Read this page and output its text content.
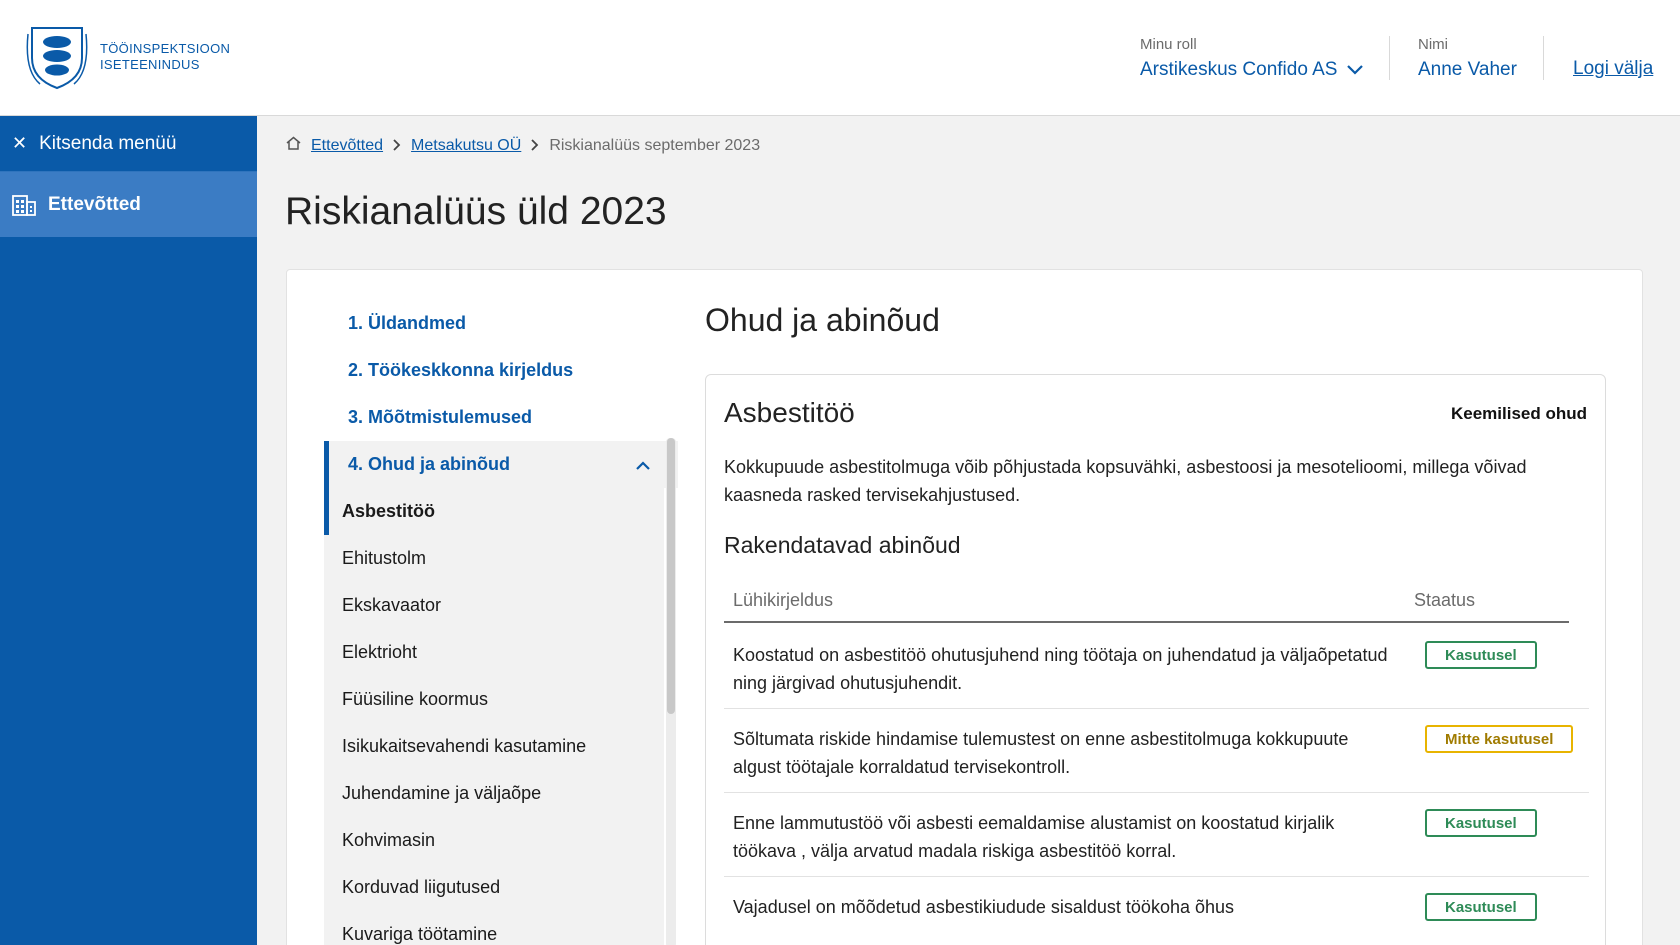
TÖÖINSPEKTSIOON
ISETEENINDUS
Minu roll
Arstikeskus Confido AS
Nimi
Anne Vaher	Logi välja
✕ Kitsenda menüü
Ettevõtted
Ettevõtted Metsakutsu OÜ Riskianalüüs september 2023
Riskianalüüs üld 2023
1. Üldandmed
2. Töökeskkonna kirjeldus
3. Mõõtmistulemused
4. Ohud ja abinõud
Asbestitöö
Ehitustolm
Ekskavaator
Elektrioht
Füüsiline koormus
Isikukaitsevahendi kasutamine
Juhendamine ja väljaõpe
Kohvimasin
Korduvad liigutused
Kuvariga töötamine
Ohud ja abinõud
Asbestitöö	Keemilised ohud
Kokkupuude asbestitolmuga võib põhjustada kopsuvähki, asbestoosi ja mesotelioomi, millega võivad kaasneda rasked tervisekahjustused.
Rakendatavad abinõud
Lühikirjeldus	Staatus
Koostatud on asbestitöö ohutusjuhend ning töötaja on juhendatud ja väljaõpetatud ning järgivad ohutusjuhendit.
Kasutusel
Sõltumata riskide hindamise tulemustest on enne asbestitolmuga kokkupuute algust töötajale korraldatud tervisekontroll.
Mitte kasutusel
Enne lammutustöö või asbesti eemaldamise alustamist on koostatud kirjalik töökava , välja arvatud madala riskiga asbestitöö korral.
Kasutusel
Vajadusel on mõõdetud asbestikiudude sisaldust töökoha õhus	Kasutusel
